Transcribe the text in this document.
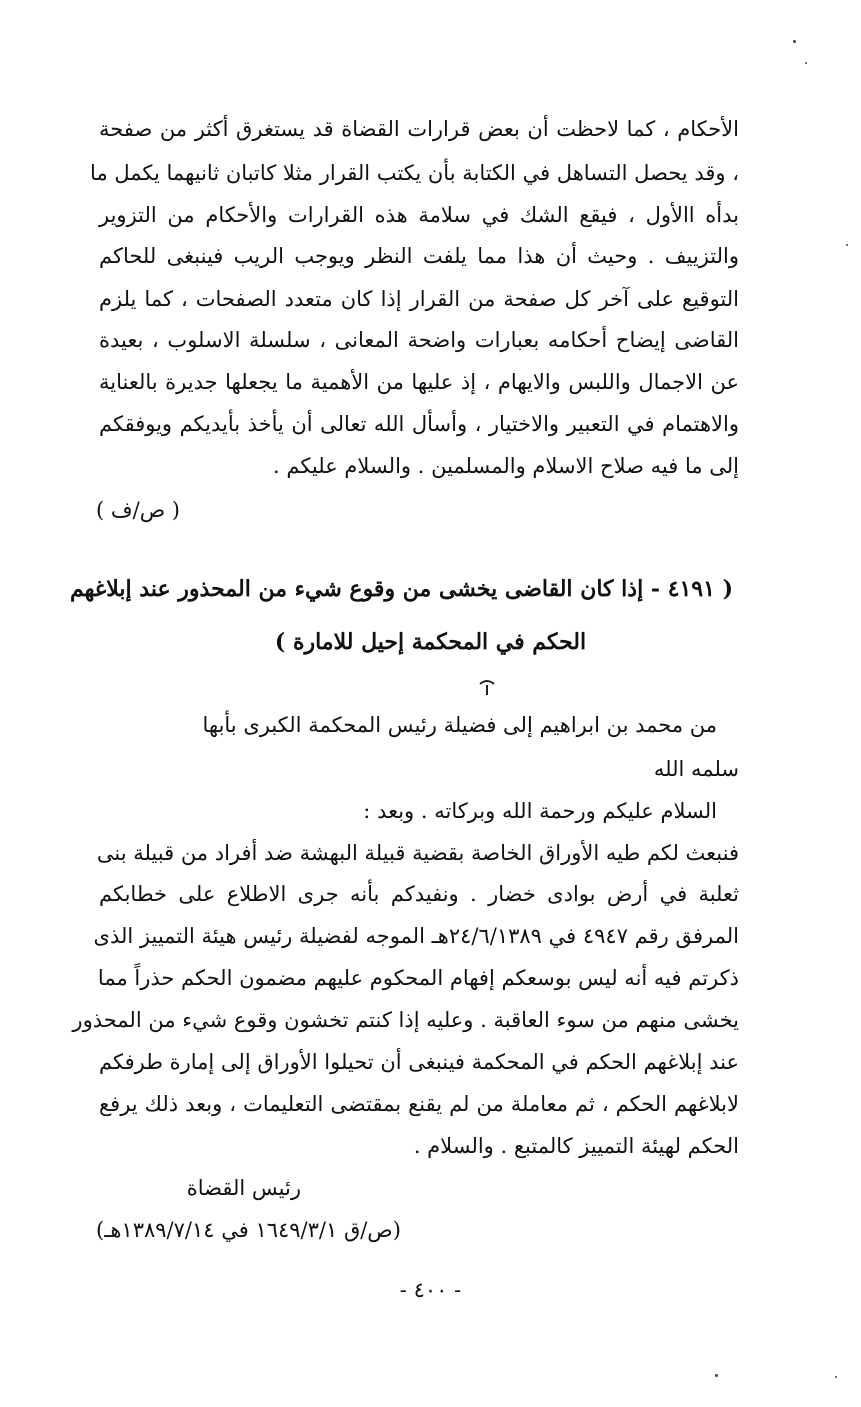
الأحكام ، كما لاحظت أن بعض قرارات القضاة قد يستغرق أكثر من صفحة
، وقد يحصل التساهل في الكتابة بأن يكتب القرار مثلا كاتبان ثانيهما يكمل ما
بدأه االأول ، فيقع الشك في سلامة هذه القرارات والأحكام من التزوير
والتزييف . وحيث أن هذا مما يلفت النظر ويوجب الريب فينبغى للحاكم
التوقيع على آخر كل صفحة من القرار إذا كان متعدد الصفحات ، كما يلزم
القاضى إيضاح أحكامه بعبارات واضحة المعانى ، سلسلة الاسلوب ، بعيدة
عن الاجمال واللبس والايهام ، إذ عليها من الأهمية ما يجعلها جديرة بالعناية
والاهتمام في التعبير والاختيار ، وأسأل الله تعالى أن يأخذ بأيديكم ويوفقكم
إلى ما فيه صلاح الاسلام والمسلمين . والسلام عليكم .
( ص/ف )
( ٤١٩١ - إذا كان القاضى يخشى من وقوع شيء من المحذور عند إبلاغهم
الحكم في المحكمة إحيل للامارة )
من محمد بن ابراهيم إلى فضيلة رئيس المحكمة الكبرى بأبها
سلمه الله
السلام عليكم ورحمة الله وبركاته . وبعد :
فنبعث لكم طيه الأوراق الخاصة بقضية قبيلة البهشة ضد أفراد من قبيلة بنى
ثعلبة في أرض بوادى خضار . ونفيدكم بأنه جرى الاطلاع على خطابكم
المرفق رقم ٤٩٤٧ في ٢٤/٦/١٣٨٩هـ الموجه لفضيلة رئيس هيئة التمييز الذى
ذكرتم فيه أنه ليس بوسعكم إفهام المحكوم عليهم مضمون الحكم حذراً مما
يخشى منهم من سوء العاقبة . وعليه إذا كنتم تخشون وقوع شيء من المحذور
عند إبلاغهم الحكم في المحكمة فينبغى أن تحيلوا الأوراق إلى إمارة طرفكم
لابلاغهم الحكم ، ثم معاملة من لم يقنع بمقتضى التعليمات ، وبعد ذلك يرفع
الحكم لهيئة التمييز كالمتبع . والسلام .
رئيس القضاة
(ص/ق ١٦٤٩/٣/١ في ١٣٨٩/٧/١٤هـ)
- ٤٠٠ -
